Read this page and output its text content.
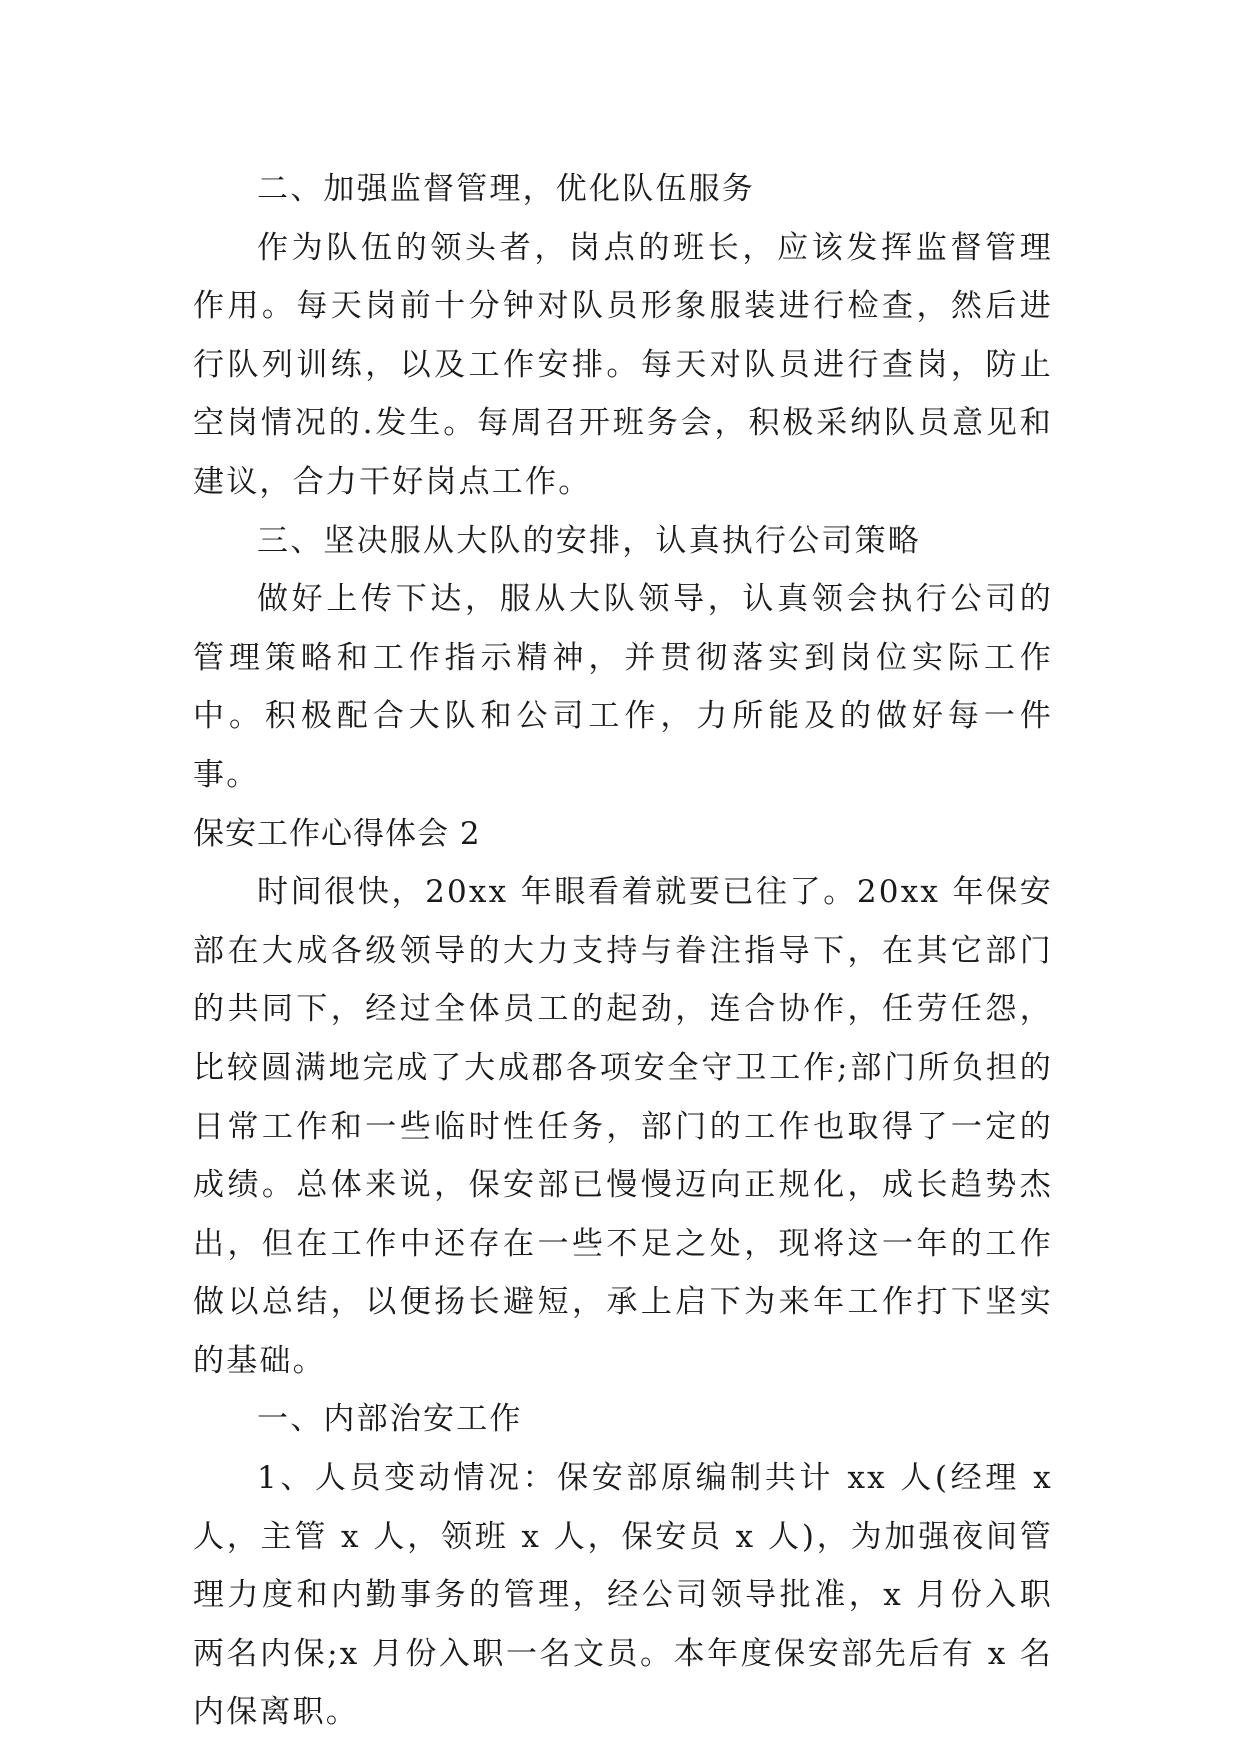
二、加强监督管理，优化队伍服务

作为队伍的领头者，岗点的班长，应该发挥监督管理作用。每天岗前十分钟对队员形象服装进行检查，然后进行队列训练，以及工作安排。每天对队员进行查岗，防止空岗情况的.发生。每周召开班务会，积极采纳队员意见和建议，合力干好岗点工作。

三、坚决服从大队的安排，认真执行公司策略

做好上传下达，服从大队领导，认真领会执行公司的管理策略和工作指示精神，并贯彻落实到岗位实际工作中。积极配合大队和公司工作，力所能及的做好每一件事。

保安工作心得体会 2

时间很快，20xx 年眼看着就要已往了。20xx 年保安部在大成各级领导的大力支持与眷注指导下，在其它部门的共同下，经过全体员工的起劲，连合协作，任劳任怨，比较圆满地完成了大成郡各项安全守卫工作;部门所负担的日常工作和一些临时性任务，部门的工作也取得了一定的成绩。总体来说，保安部已慢慢迈向正规化，成长趋势杰出，但在工作中还存在一些不足之处，现将这一年的工作做以总结，以便扬长避短，承上启下为来年工作打下坚实的基础。

一、内部治安工作

1、人员变动情况：保安部原编制共计 xx 人(经理 x 人，主管 x 人，领班 x 人，保安员 x 人)，为加强夜间管理力度和内勤事务的管理，经公司领导批准，x 月份入职两名内保;x 月份入职一名文员。本年度保安部先后有 x 名内保离职。
